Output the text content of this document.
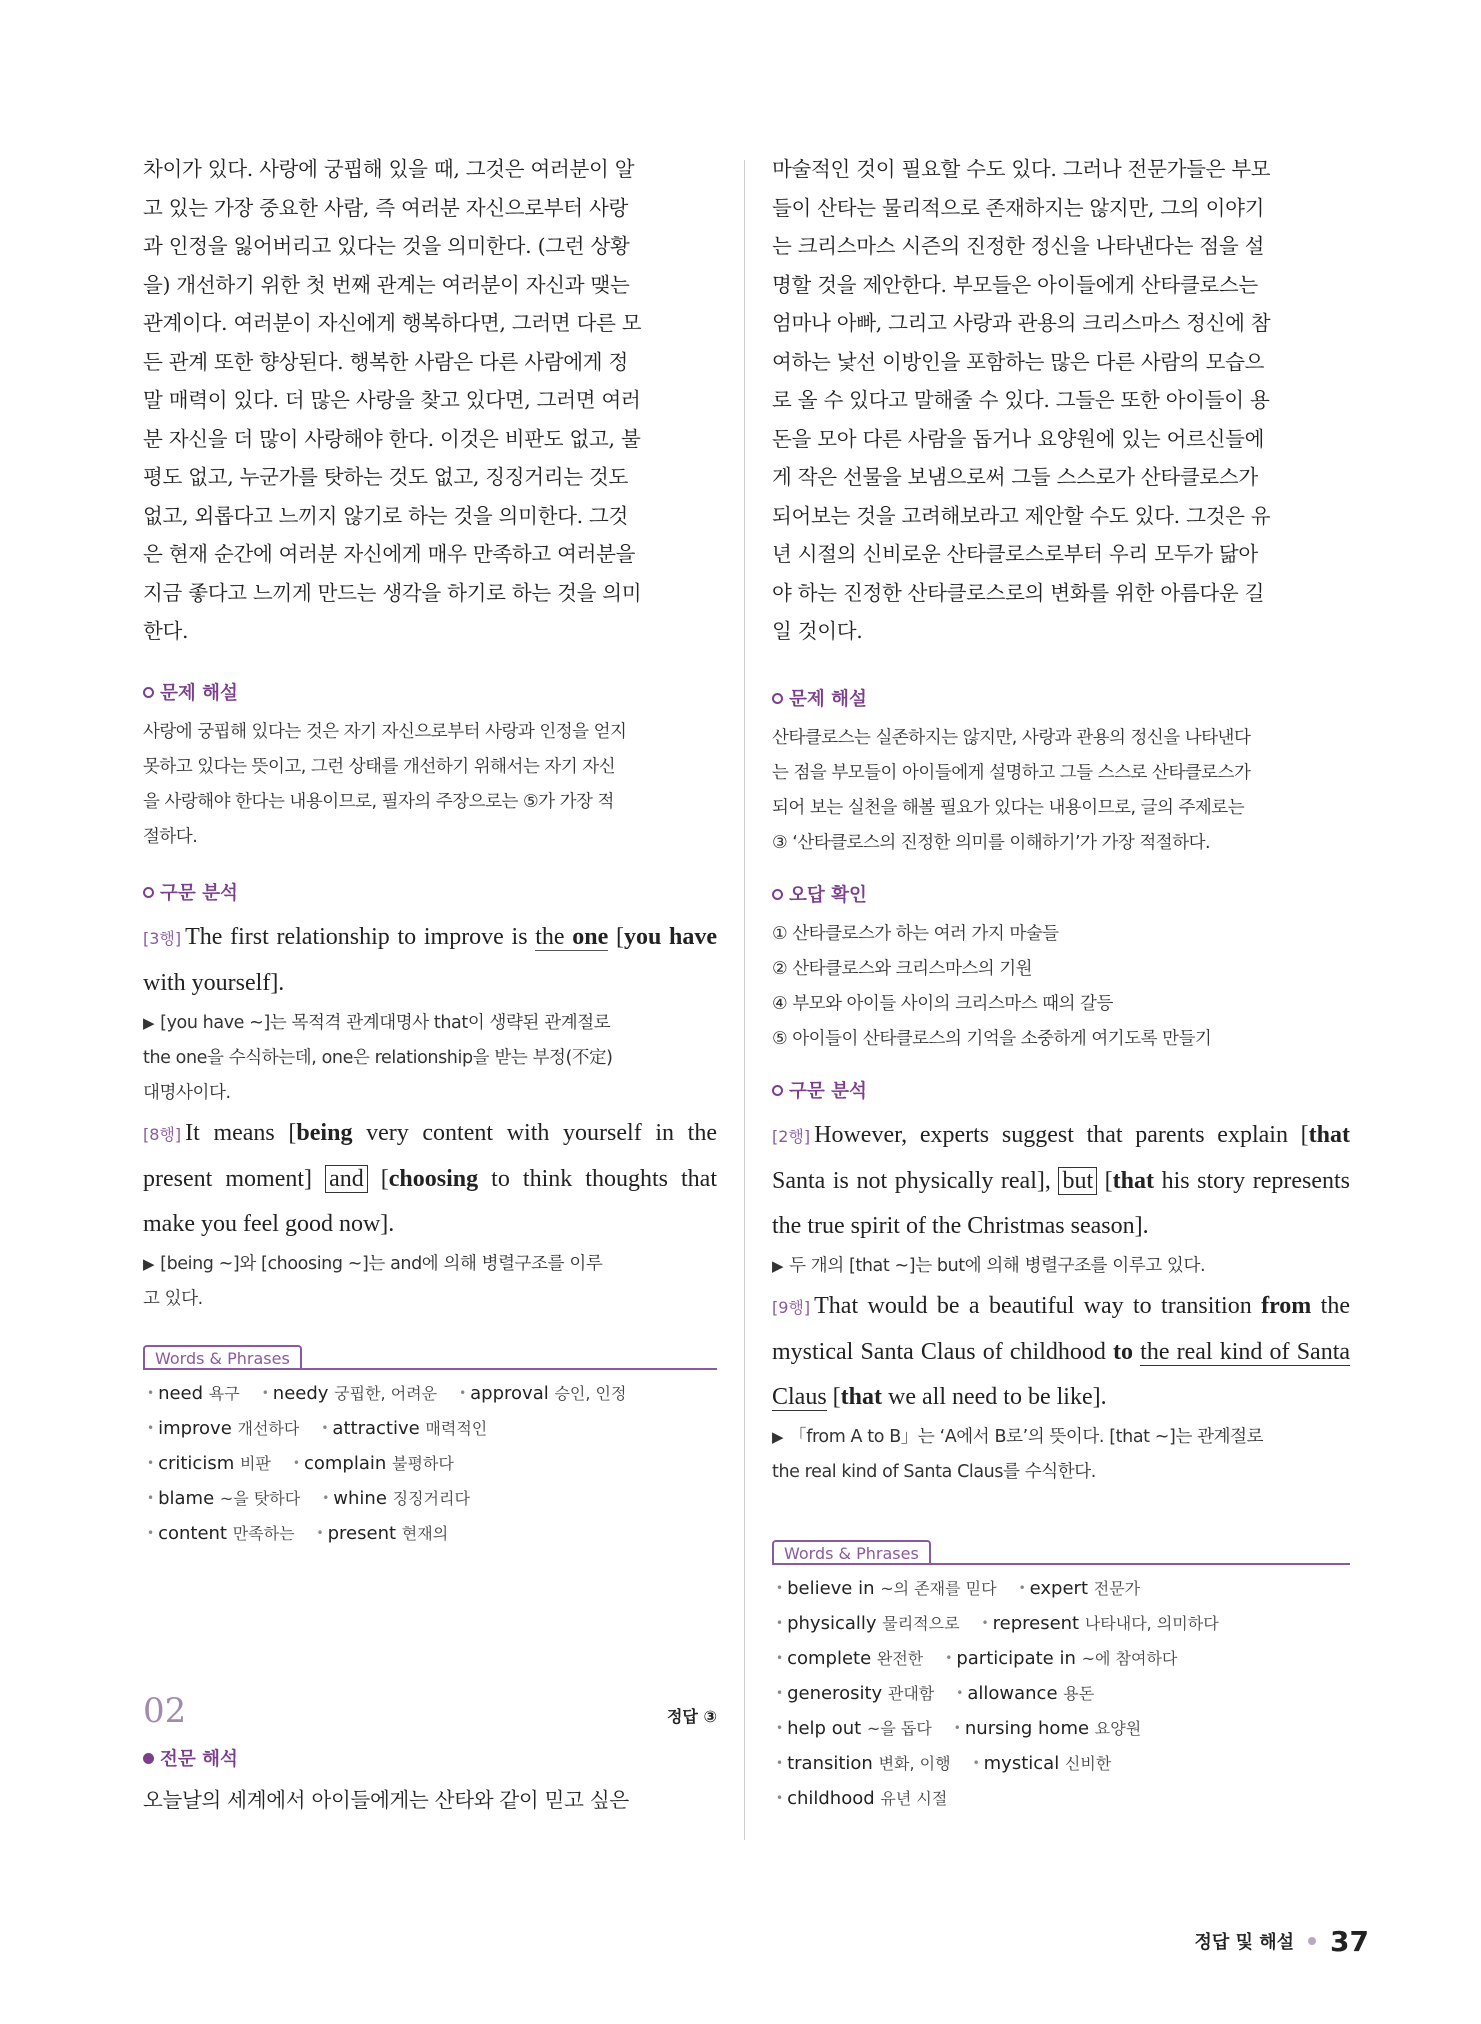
차이가 있다. 사랑에 궁핍해 있을 때, 그것은 여러분이 알
고 있는 가장 중요한 사람, 즉 여러분 자신으로부터 사랑
과 인정을 잃어버리고 있다는 것을 의미한다. (그런 상황
을) 개선하기 위한 첫 번째 관계는 여러분이 자신과 맺는
관계이다. 여러분이 자신에게 행복하다면, 그러면 다른 모
든 관계 또한 향상된다. 행복한 사람은 다른 사람에게 정
말 매력이 있다. 더 많은 사랑을 찾고 있다면, 그러면 여러
분 자신을 더 많이 사랑해야 한다. 이것은 비판도 없고, 불
평도 없고, 누군가를 탓하는 것도 없고, 징징거리는 것도
없고, 외롭다고 느끼지 않기로 하는 것을 의미한다. 그것
은 현재 순간에 여러분 자신에게 매우 만족하고 여러분을
지금 좋다고 느끼게 만드는 생각을 하기로 하는 것을 의미
한다.
문제 해설
사랑에 궁핍해 있다는 것은 자기 자신으로부터 사랑과 인정을 얻지
못하고 있다는 뜻이고, 그런 상태를 개선하기 위해서는 자기 자신
을 사랑해야 한다는 내용이므로, 필자의 주장으로는 ⑤가 가장 적
절하다.
구문 분석
[3행] The first relationship to improve is the one [you have with yourself].
▶ [you have ~]는 목적격 관계대명사 that이 생략된 관계절로
the one을 수식하는데, one은 relationship을 받는 부정(不定)
대명사이다.
[8행] It means [being very content with yourself in the present moment] and [choosing to think thoughts that make you feel good now].
▶ [being ~]와 [choosing ~]는 and에 의해 병렬구조를 이루
고 있다.
Words & Phrases
• need 욕구 • needy 궁핍한, 어려운 • approval 승인, 인정
• improve 개선하다 • attractive 매력적인
• criticism 비판 • complain 불평하다
• blame ~을 탓하다 • whine 징징거리다
• content 만족하는 • present 현재의
02	정답 ③
전문 해석
오늘날의 세계에서 아이들에게는 산타와 같이 믿고 싶은
마술적인 것이 필요할 수도 있다. 그러나 전문가들은 부모
들이 산타는 물리적으로 존재하지는 않지만, 그의 이야기
는 크리스마스 시즌의 진정한 정신을 나타낸다는 점을 설
명할 것을 제안한다. 부모들은 아이들에게 산타클로스는
엄마나 아빠, 그리고 사랑과 관용의 크리스마스 정신에 참
여하는 낯선 이방인을 포함하는 많은 다른 사람의 모습으
로 올 수 있다고 말해줄 수 있다. 그들은 또한 아이들이 용
돈을 모아 다른 사람을 돕거나 요양원에 있는 어르신들에
게 작은 선물을 보냄으로써 그들 스스로가 산타클로스가
되어보는 것을 고려해보라고 제안할 수도 있다. 그것은 유
년 시절의 신비로운 산타클로스로부터 우리 모두가 닮아
야 하는 진정한 산타클로스로의 변화를 위한 아름다운 길
일 것이다.
문제 해설
산타클로스는 실존하지는 않지만, 사랑과 관용의 정신을 나타낸다
는 점을 부모들이 아이들에게 설명하고 그들 스스로 산타클로스가
되어 보는 실천을 해볼 필요가 있다는 내용이므로, 글의 주제로는
③ ‘산타클로스의 진정한 의미를 이해하기’가 가장 적절하다.
오답 확인
① 산타클로스가 하는 여러 가지 마술들
② 산타클로스와 크리스마스의 기원
④ 부모와 아이들 사이의 크리스마스 때의 갈등
⑤ 아이들이 산타클로스의 기억을 소중하게 여기도록 만들기
구문 분석
[2행] However, experts suggest that parents explain [that Santa is not physically real], but [that his story represents the true spirit of the Christmas season].
▶ 두 개의 [that ~]는 but에 의해 병렬구조를 이루고 있다.
[9행] That would be a beautiful way to transition from the mystical Santa Claus of childhood to the real kind of Santa Claus [that we all need to be like].
▶ 「from A to B」는 ‘A에서 B로’의 뜻이다. [that ~]는 관계절로
the real kind of Santa Claus를 수식한다.
Words & Phrases
• believe in ~의 존재를 믿다 • expert 전문가
• physically 물리적으로 • represent 나타내다, 의미하다
• complete 완전한 • participate in ~에 참여하다
• generosity 관대함 • allowance 용돈
• help out ~을 돕다 • nursing home 요양원
• transition 변화, 이행 • mystical 신비한
• childhood 유년 시절
정답 및 해설 37
